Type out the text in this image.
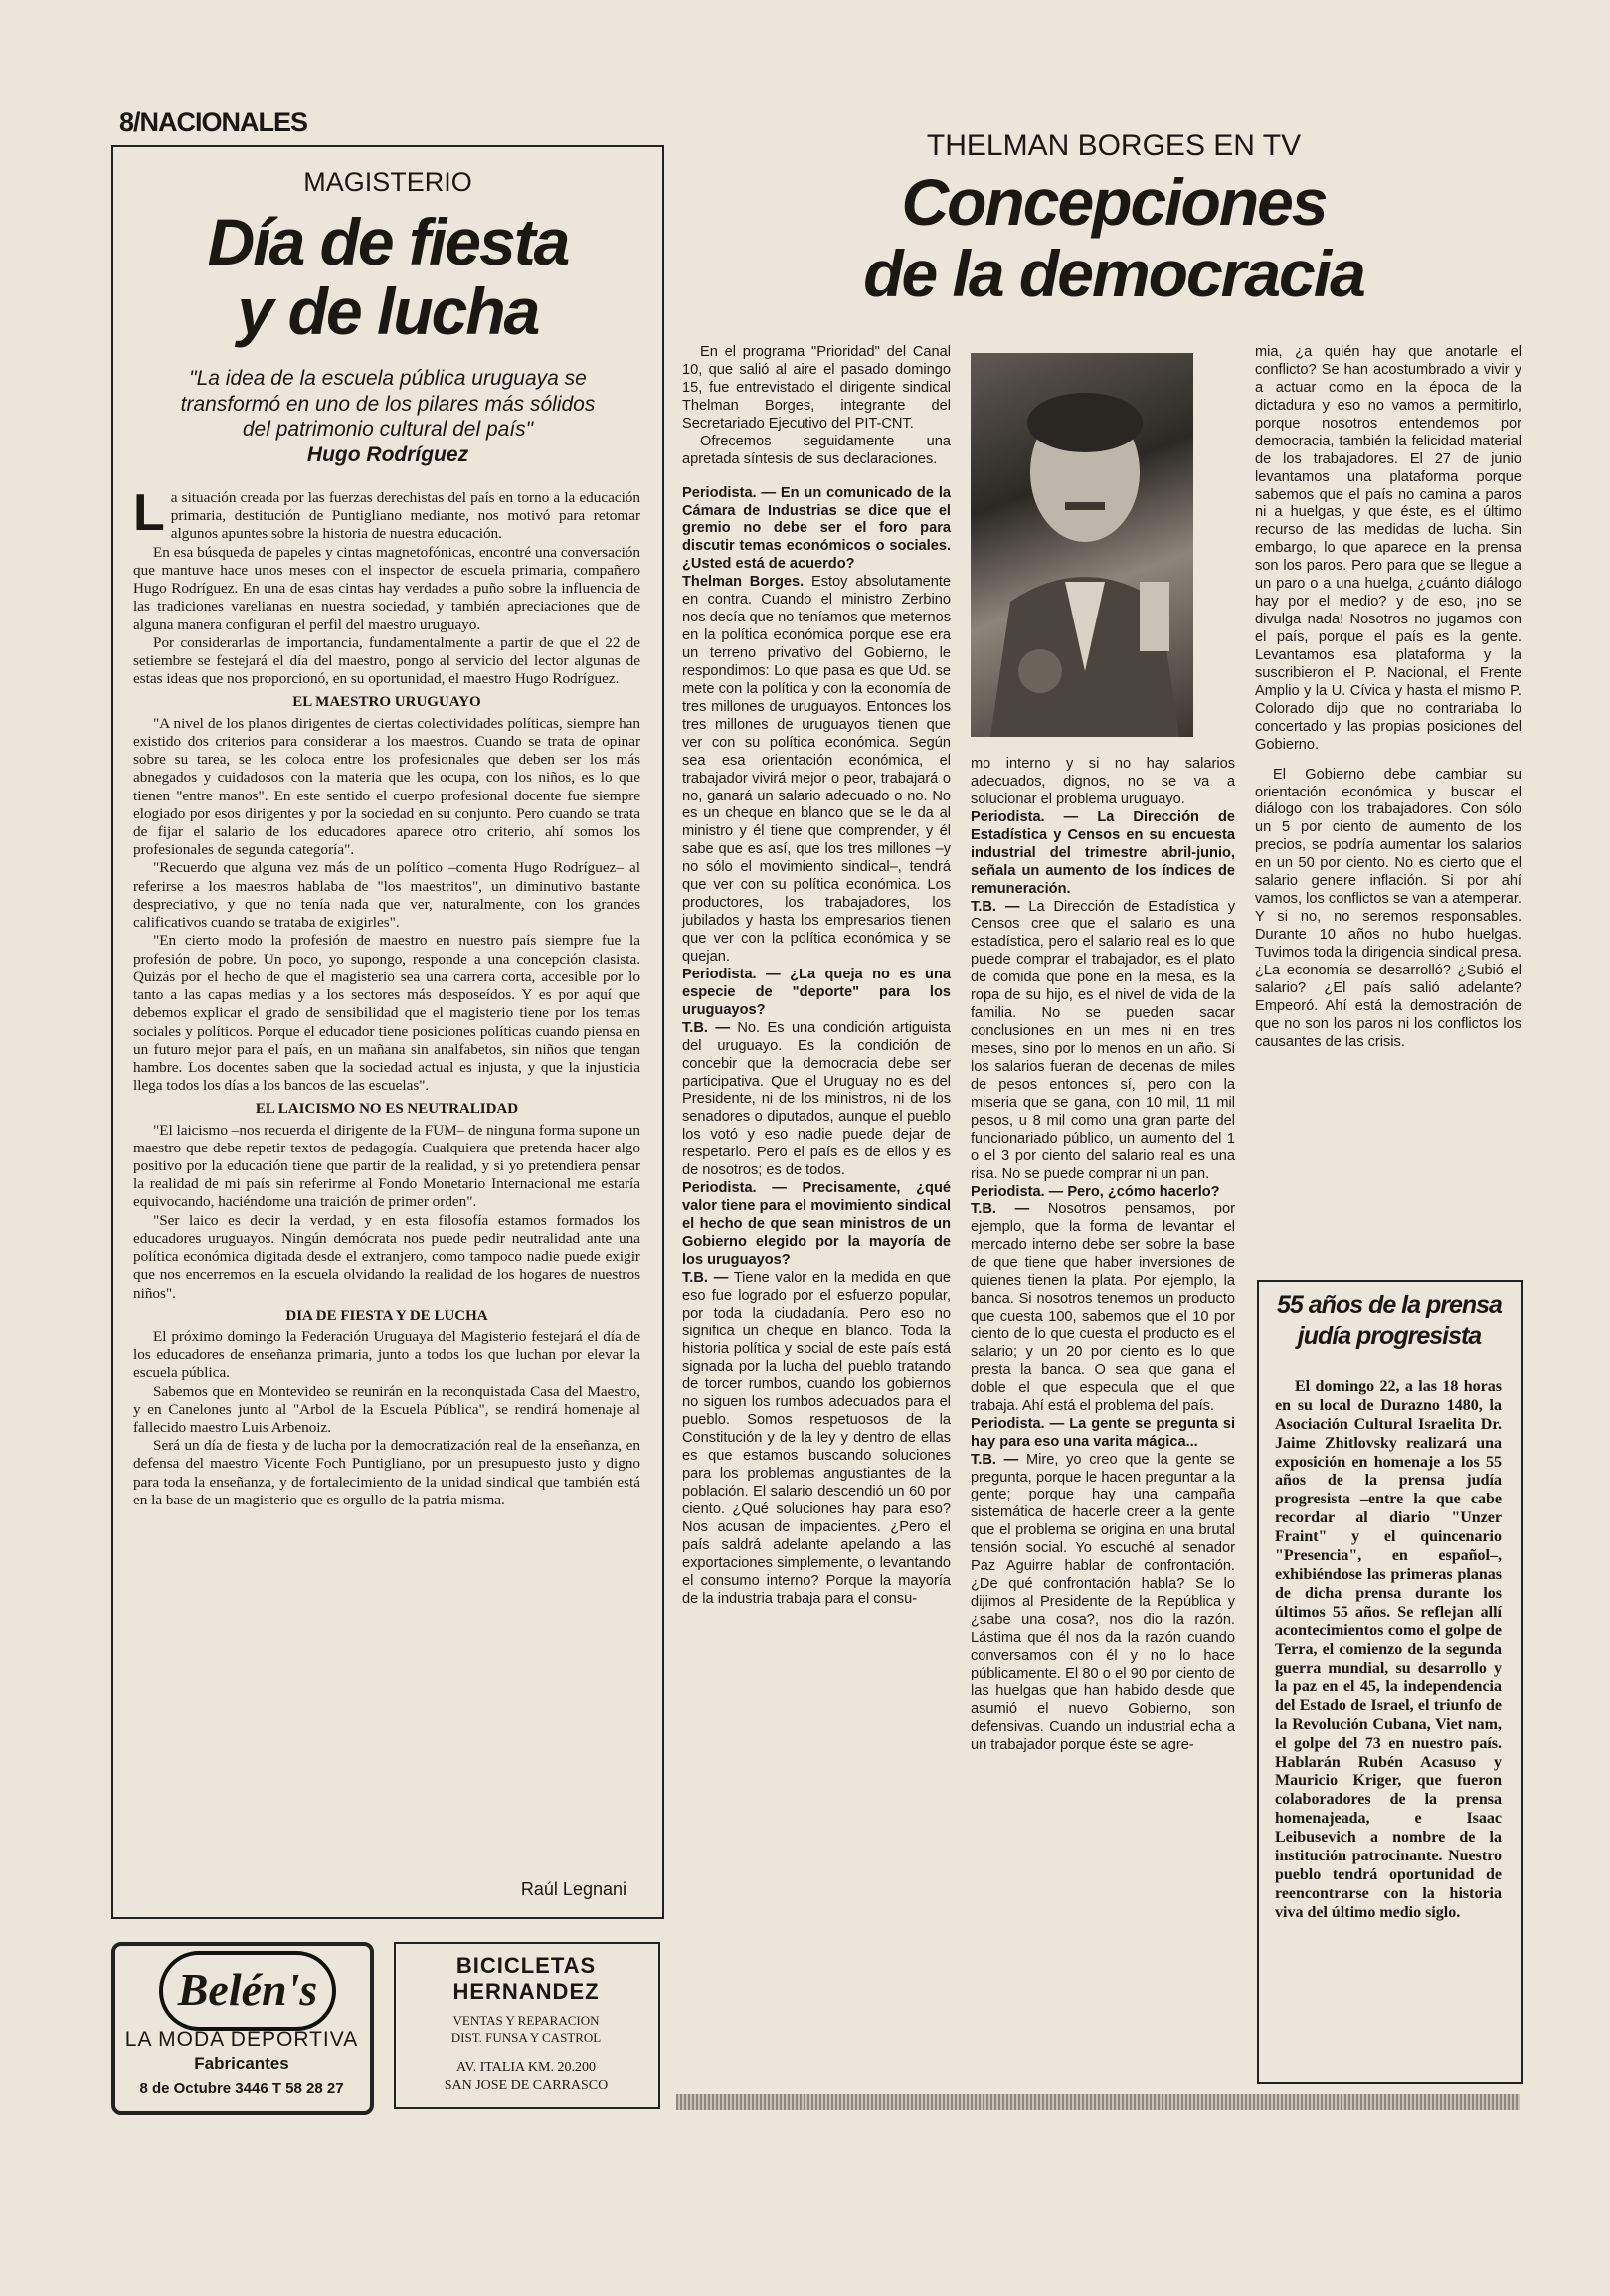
8/NACIONALES
MAGISTERIO
Día de fiesta
y de lucha
"La idea de la escuela pública uruguaya se transformó en uno de los pilares más sólidos del patrimonio cultural del país"
Hugo Rodríguez
L a situación creada por las fuerzas derechistas del país en torno a la educación primaria, destitución de Puntigliano mediante, nos motivó para retomar algunos apuntes sobre la historia de nuestra educación.

En esa búsqueda de papeles y cintas magnetofónicas, encontré una conversación que mantuve hace unos meses con el inspector de escuela primaria, compañero Hugo Rodríguez. En una de esas cintas hay verdades a puño sobre la influencia de las tradiciones varelianas en nuestra sociedad, y también apreciaciones que de alguna manera configuran el perfil del maestro uruguayo.

Por considerarlas de importancia, fundamentalmente a partir de que el 22 de setiembre se festejará el día del maestro, pongo al servicio del lector algunas de estas ideas que nos proporcionó, en su oportunidad, el maestro Hugo Rodríguez.

EL MAESTRO URUGUAYO

"A nivel de los planos dirigentes de ciertas colectividades políticas, siempre han existido dos criterios para considerar a los maestros. Cuando se trata de opinar sobre su tarea, se les coloca entre los profesionales que deben ser los más abnegados y cuidadosos con la materia que les ocupa, con los niños, es lo que tienen "entre manos". En este sentido el cuerpo profesional docente fue siempre elogiado por esos dirigentes y por la sociedad en su conjunto. Pero cuando se trata de fijar el salario de los educadores aparece otro criterio, ahí somos los profesionales de segunda categoría".

"Recuerdo que alguna vez más de un político –comenta Hugo Rodríguez– al referirse a los maestros hablaba de "los maestritos", un diminutivo bastante despreciativo, y que no tenía nada que ver, naturalmente, con los grandes calificativos cuando se trataba de exigirles".

"En cierto modo la profesión de maestro en nuestro país siempre fue la profesión de pobre. Un poco, yo supongo, responde a una concepción clasista. Quizás por el hecho de que el magisterio sea una carrera corta, accesible por lo tanto a las capas medias y a los sectores más desposeídos. Y es por aquí que debemos explicar el grado de sensibilidad que el magisterio tiene por los temas sociales y políticos. Porque el educador tiene posiciones políticas cuando piensa en un futuro mejor para el país, en un mañana sin analfabetos, sin niños que tengan hambre. Los docentes saben que la sociedad actual es injusta, y que la injusticia llega todos los días a los bancos de las escuelas".

EL LAICISMO NO ES NEUTRALIDAD

"El laicismo –nos recuerda el dirigente de la FUM– de ninguna forma supone un maestro que debe repetir textos de pedagogía. Cualquiera que pretenda hacer algo positivo por la educación tiene que partir de la realidad, y si yo pretendiera pensar la realidad de mi país sin referirme al Fondo Monetario Internacional me estaría equivocando, haciéndome una traición de primer orden".

"Ser laico es decir la verdad, y en esta filosofía estamos formados los educadores uruguayos. Ningún demócrata nos puede pedir neutralidad ante una política económica digitada desde el extranjero, como tampoco nadie puede exigir que nos encerremos en la escuela olvidando la realidad de los hogares de nuestros niños".

DIA DE FIESTA Y DE LUCHA

El próximo domingo la Federación Uruguaya del Magisterio festejará el día de los educadores de enseñanza primaria, junto a todos los que luchan por elevar la escuela pública.

Sabemos que en Montevideo se reunirán en la reconquistada Casa del Maestro, y en Canelones junto al "Arbol de la Escuela Pública", se rendirá homenaje al fallecido maestro Luis Arbenoiz.

Será un día de fiesta y de lucha por la democratización real de la enseñanza, en defensa del maestro Vicente Foch Puntigliano, por un presupuesto justo y digno para toda la enseñanza, y de fortalecimiento de la unidad sindical que también está en la base de un magisterio que es orgullo de la patria misma.

Raúl Legnani
Belén's
LA MODA DEPORTIVA
Fabricantes
8 de Octubre 3446 T 58 28 27
BICICLETAS
HERNANDEZ
VENTAS Y REPARACION
DIST. FUNSA Y CASTROL
AV. ITALIA KM. 20.200
SAN JOSE DE CARRASCO
THELMAN BORGES EN TV
Concepciones
de la democracia

En el programa "Prioridad" del Canal 10, que salió al aire el pasado domingo 15, fue entrevistado el dirigente sindical Thelman Borges, integrante del Secretariado Ejecutivo del PIT-CNT.

Ofrecemos seguidamente una apretada síntesis de sus declaraciones.

Periodista. — En un comunicado de la Cámara de Industrias se dice que el gremio no debe ser el foro para discutir temas económicos o sociales. ¿Usted está de acuerdo?

Thelman Borges. Estoy absolutamente en contra. Cuando el ministro Zerbino nos decía que no teníamos que meternos en la política económica porque ese era un terreno privativo del Gobierno, le respondimos: Lo que pasa es que Ud. se mete con la política y con la economía de tres millones de uruguayos. Entonces los tres millones de uruguayos tienen que ver con su política económica. Según sea esa orientación económica, el trabajador vivirá mejor o peor, trabajará o no, ganará un salario adecuado o no. No es un cheque en blanco que se le da al ministro y él tiene que comprender, y él sabe que es así, que los tres millones –y no sólo el movimiento sindical–, tendrá que ver con su política económica. Los productores, los trabajadores, los jubilados y hasta los empresarios tienen que ver con la política económica y se quejan.

Periodista. — ¿La queja no es una especie de "deporte" para los uruguayos?

T.B. — No. Es una condición artiguista del uruguayo. Es la condición de concebir que la democracia debe ser participativa. Que el Uruguay no es del Presidente, ni de los ministros, ni de los senadores o diputados, aunque el pueblo los votó y eso nadie puede dejar de respetarlo. Pero el país es de ellos y es de nosotros; es de todos.

Periodista. — Precisamente, ¿qué valor tiene para el movimiento sindical el hecho de que sean ministros de un Gobierno elegido por la mayoría de los uruguayos?

T.B. — Tiene valor en la medida en que eso fue logrado por el esfuerzo popular, por toda la ciudadanía. Pero eso no significa un cheque en blanco. Toda la historia política y social de este país está signada por la lucha del pueblo tratando de torcer rumbos, cuando los gobiernos no siguen los rumbos adecuados para el pueblo. Somos respetuosos de la Constitución y de la ley y dentro de ellas es que estamos buscando soluciones para los problemas angustiantes de la población. El salario descendió un 60 por ciento. ¿Qué soluciones hay para eso? Nos acusan de impacientes. ¿Pero el país saldrá adelante apelando a las exportaciones simplemente, o levantando el consumo interno? Porque la mayoría de la industria trabaja para el consu-

mo interno y si no hay salarios adecuados, dignos, no se va a solucionar el problema uruguayo.

Periodista. — La Dirección de Estadística y Censos en su encuesta industrial del trimestre abril-junio, señala un aumento de los índices de remuneración.

T.B. — La Dirección de Estadística y Censos cree que el salario es una estadística, pero el salario real es lo que puede comprar el trabajador, es el plato de comida que pone en la mesa, es la ropa de su hijo, es el nivel de vida de la familia. No se pueden sacar conclusiones en un mes ni en tres meses, sino por lo menos en un año. Si los salarios fueran de decenas de miles de pesos entonces sí, pero con la miseria que se gana, con 10 mil, 11 mil pesos, u 8 mil como una gran parte del funcionariado público, un aumento del 1 o el 3 por ciento del salario real es una risa. No se puede comprar ni un pan.

Periodista. — Pero, ¿cómo hacerlo?

T.B. — Nosotros pensamos, por ejemplo, que la forma de levantar el mercado interno debe ser sobre la base de que tiene que haber inversiones de quienes tienen la plata. Por ejemplo, la banca. Si nosotros tenemos un producto que cuesta 100, sabemos que el 10 por ciento de lo que cuesta el producto es el salario; y un 20 por ciento es lo que presta la banca. O sea que gana el doble el que especula que el que trabaja. Ahí está el problema del país.

Periodista. — La gente se pregunta si hay para eso una varita mágica...

T.B. — Mire, yo creo que la gente se pregunta, porque le hacen preguntar a la gente; porque hay una campaña sistemática de hacerle creer a la gente que el problema se origina en una brutal tensión social. Yo escuché al senador Paz Aguirre hablar de confrontación. ¿De qué confrontación habla? Se lo dijimos al Presidente de la República y ¿sabe una cosa?, nos dio la razón. Lástima que él nos da la razón cuando conversamos con él y no lo hace públicamente. El 80 o el 90 por ciento de las huelgas que han habido desde que asumió el nuevo Gobierno, son defensivas. Cuando un industrial echa a un trabajador porque éste se agre-

mia, ¿a quién hay que anotarle el conflicto? Se han acostumbrado a vivir y a actuar como en la época de la dictadura y eso no vamos a permitirlo, porque nosotros entendemos por democracia, también la felicidad material de los trabajadores. El 27 de junio levantamos una plataforma porque sabemos que el país no camina a paros ni a huelgas, y que éste, es el último recurso de las medidas de lucha. Sin embargo, lo que aparece en la prensa son los paros. Pero para que se llegue a un paro o a una huelga, ¿cuánto diálogo hay por el medio? y de eso, ¡no se divulga nada! Nosotros no jugamos con el país, porque el país es la gente. Levantamos esa plataforma y la suscribieron el P. Nacional, el Frente Amplio y la U. Cívica y hasta el mismo P. Colorado dijo que no contrariaba lo concertado y las propias posiciones del Gobierno.

El Gobierno debe cambiar su orientación económica y buscar el diálogo con los trabajadores. Con sólo un 5 por ciento de aumento de los precios, se podría aumentar los salarios en un 50 por ciento. No es cierto que el salario genere inflación. Si por ahí vamos, los conflictos se van a atemperar. Y si no, no seremos responsables. Durante 10 años no hubo huelgas. Tuvimos toda la dirigencia sindical presa. ¿La economía se desarrolló? ¿Subió el salario? ¿El país salió adelante? Empeoró. Ahí está la demostración de que no son los paros ni los conflictos los causantes de las crisis.

55 años de la prensa
judía progresista

El domingo 22, a las 18 horas en su local de Durazno 1480, la Asociación Cultural Israelita Dr. Jaime Zhitlovsky realizará una exposición en homenaje a los 55 años de la prensa judía progresista –entre la que cabe recordar al diario "Unzer Fraint" y el quincenario "Presencia", en español–, exhibiéndose las primeras planas de dicha prensa durante los últimos 55 años. Se reflejan allí acontecimientos como el golpe de Terra, el comienzo de la segunda guerra mundial, su desarrollo y la paz en el 45, la independencia del Estado de Israel, el triunfo de la Revolución Cubana, Viet nam, el golpe del 73 en nuestro país. Hablarán Rubén Acasuso y Mauricio Kriger, que fueron colaboradores de la prensa homenajeada, e Isaac Leibusevich a nombre de la institución patrocinante. Nuestro pueblo tendrá oportunidad de reencontrarse con la historia viva del último medio siglo.
